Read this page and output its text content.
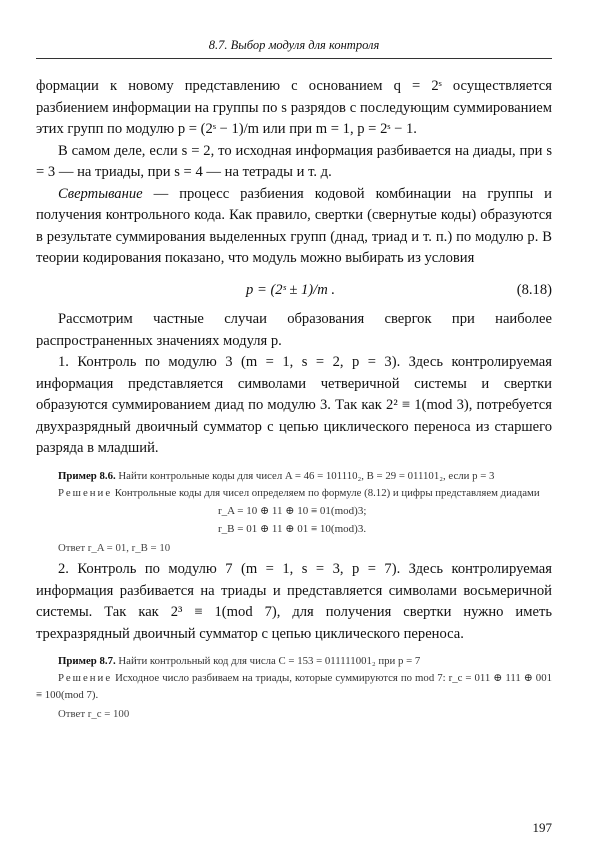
8.7. Выбор модуля для контроля

формации к новому представлению с основанием q = 2ˢ осуществляется разбиением информации на группы по s разрядов с последующим суммированием этих групп по модулю p = (2ˢ − 1)/m или при m = 1, p = 2ˢ − 1.

В самом деле, если s = 2, то исходная информация разбивается на диады, при s = 3 — на триады, при s = 4 — на тетрады и т. д.

Свертывание — процесс разбиения кодовой комбинации на группы и получения контрольного кода. Как правило, свертки (свернутые коды) образуются в результате суммирования выделенных групп (днад, триад и т. п.) по модулю p. В теории кодирования показано, что модуль можно выбирать из условия

p = (2ˢ ± 1)/m .	(8.18)

Рассмотрим частные случаи образования свергок при наиболее распространенных значениях модуля p.

1. Контроль по модулю 3 (m = 1, s = 2, p = 3). Здесь контролируемая информация представляется символами четверичной системы и свертки образуются суммированием диад по модулю 3. Так как 2² ≡ 1(mod 3), потребуется двухразрядный двоичный сумматор с цепью циклического переноса из старшего разряда в младший.

Пример 8.6. Найти контрольные коды для чисел A = 46 = 101110₂, B = 29 = 011101₂, если p = 3

Решение Контрольные коды для чисел определяем по формуле (8.12) и цифры представляем диадами

r_A = 10 ⊕ 11 ⊕ 10 ≡ 01(mod)3;
r_B = 01 ⊕ 11 ⊕ 01 ≡ 10(mod)3.

Ответ r_A = 01, r_B = 10

2. Контроль по модулю 7 (m = 1, s = 3, p = 7). Здесь контролируемая информация разбивается на триады и представляется символами восьмеричной системы. Так как 2³ ≡ 1(mod 7), для получения свертки нужно иметь трехразрядный двоичный сумматор с цепью циклического переноса.

Пример 8.7. Найти контрольный код для числа C = 153 = 011111001₂ при p = 7

Решение Исходное число разбиваем на триады, которые суммируются по mod 7: r_c = 011 ⊕ 111 ⊕ 001 ≡ 100(mod 7).

Ответ r_c = 100

197
